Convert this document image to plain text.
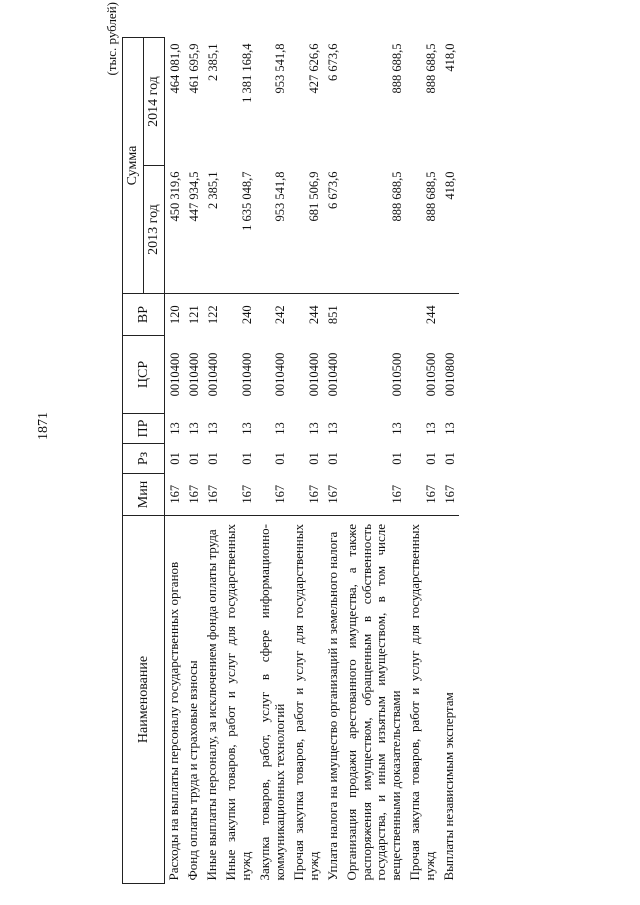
1871
(тыс. рублей)
Наименование	Мин	Рз	ПР	ЦСР	ВР	Сумма	
						2013 год	2014 год
Расходы на выплаты персоналу государственных органов	167	01	13	0010400	120	450 319,6	464 081,0
Фонд оплаты труда и страховые взносы	167	01	13	0010400	121	447 934,5	461 695,9
Иные выплаты персоналу, за исключением фонда оплаты труда	167	01	13	0010400	122	2 385,1	2 385,1
Иные закупки товаров, работ и услуг для государственных нужд	167	01	13	0010400	240	1 635 048,7	1 381 168,4
Закупка товаров, работ, услуг в сфере информационно-коммуникационных технологий	167	01	13	0010400	242	953 541,8	953 541,8
Прочая закупка товаров, работ и услуг для государственных нужд	167	01	13	0010400	244	681 506,9	427 626,6
Уплата налога на имущество организаций и земельного налога	167	01	13	0010400	851	6 673,6	6 673,6
Организация продажи арестованного имущества, а также распоряжения имуществом, обращенным в собственность государства, и иным изъятым имуществом, в том числе вещественными доказательствами	167	01	13	0010500		888 688,5	888 688,5
Прочая закупка товаров, работ и услуг для государственных нужд	167	01	13	0010500	244	888 688,5	888 688,5
Выплаты независимым экспертам	167	01	13	0010800		418,0	418,0
